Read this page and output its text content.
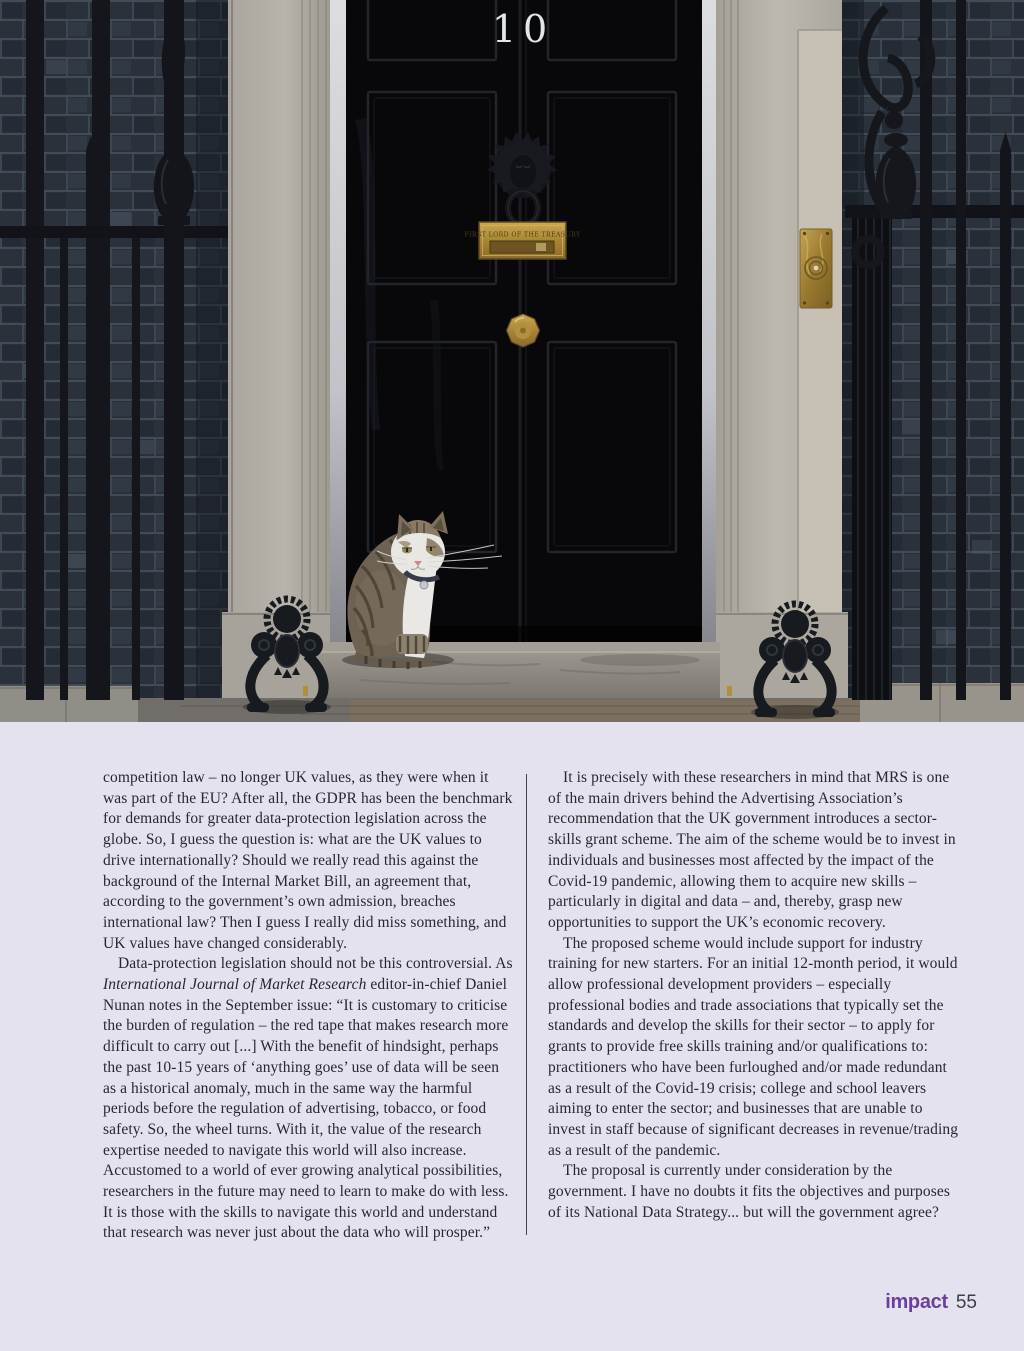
10
FIRST LORD OF THE TREASURY

competition law – no longer UK values, as they were when it was part of the EU? After all, the GDPR has been the benchmark for demands for greater data-protection legislation across the globe. So, I guess the question is: what are the UK values to drive internationally? Should we really read this against the background of the Internal Market Bill, an agreement that, according to the government’s own admission, breaches international law? Then I guess I really did miss something, and UK values have changed considerably.

Data-protection legislation should not be this controversial. As International Journal of Market Research editor-in-chief Daniel Nunan notes in the September issue: “It is customary to criticise the burden of regulation – the red tape that makes research more difficult to carry out [...] With the benefit of hindsight, perhaps the past 10-15 years of ‘anything goes’ use of data will be seen as a historical anomaly, much in the same way the harmful periods before the regulation of advertising, tobacco, or food safety. So, the wheel turns. With it, the value of the research expertise needed to navigate this world will also increase. Accustomed to a world of ever growing analytical possibilities, researchers in the future may need to learn to make do with less. It is those with the skills to navigate this world and understand that research was never just about the data who will prosper.”

It is precisely with these researchers in mind that MRS is one of the main drivers behind the Advertising Association’s recommendation that the UK government introduces a sector-skills grant scheme. The aim of the scheme would be to invest in individuals and businesses most affected by the impact of the Covid-19 pandemic, allowing them to acquire new skills – particularly in digital and data – and, thereby, grasp new opportunities to support the UK’s economic recovery.

The proposed scheme would include support for industry training for new starters. For an initial 12-month period, it would allow professional development providers – especially professional bodies and trade associations that typically set the standards and develop the skills for their sector – to apply for grants to provide free skills training and/or qualifications to: practitioners who have been furloughed and/or made redundant as a result of the Covid-19 crisis; college and school leavers aiming to enter the sector; and businesses that are unable to invest in staff because of significant decreases in revenue/trading as a result of the pandemic.

The proposal is currently under consideration by the government. I have no doubts it fits the objectives and purposes of its National Data Strategy... but will the government agree?

impact 55
